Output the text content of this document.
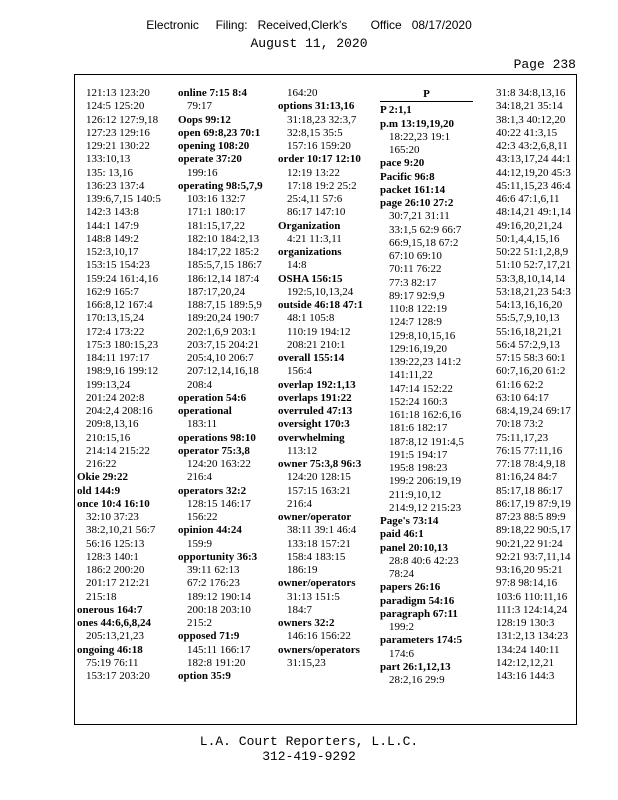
Electronic     Filing:   Received,Clerk's       Office   08/17/2020
August 11, 2020
Page 238
121:13 123:20
124:5 125:20
126:12 127:9,18
127:23 129:16
129:21 130:22
133:10,13
135: 13,16
136:23 137:4
139:6,7,15 140:5
142:3 143:8
144:1 147:9
148:8 149:2
152:3,10,17
153:15 154:23
159:24 161:4,16
162:9 165:7
166:8,12 167:4
170:13,15,24
172:4 173:22
175:3 180:15,23
184:11 197:17
198:9,16 199:12
199:13,24
201:24 202:8
204:2,4 208:16
209:8,13,16
210:15,16
214:14 215:22
216:22
Okie 29:22
old 144:9
once 10:4 16:10
32:10 37:23
38:2,10,21 56:7
56:16 125:13
128:3 140:1
186:2 200:20
201:17 212:21
215:18
onerous 164:7
ones 44:6,6,8,24
205:13,21,23
ongoing 46:18
75:19 76:11
153:17 203:20
online 7:15 8:4
79:17
Oops 99:12
open 69:8,23 70:1
opening 108:20
operate 37:20
199:16
operating 98:5,7,9
103:16 132:7
171:1 180:17
181:15,17,22
182:10 184:2,13
184:17,22 185:2
185:5,7,15 186:7
186:12,14 187:4
187:17,20,24
188:7,15 189:5,9
189:20,24 190:7
202:1,6,9 203:1
203:7,15 204:21
205:4,10 206:7
207:12,14,16,18
208:4
operation 54:6
operational
183:11
operations 98:10
operator 75:3,8
124:20 163:22
216:4
operators 32:2
128:15 146:17
156:22
opinion 44:24
159:9
opportunity 36:3
39:11 62:13
67:2 176:23
189:12 190:14
200:18 203:10
215:2
opposed 71:9
145:11 166:17
182:8 191:20
option 35:9
164:20
options 31:13,16
31:18,23 32:3,7
32:8,15 35:5
157:16 159:20
order 10:17 12:10
12:19 13:22
17:18 19:2 25:2
25:4,11 57:6
86:17 147:10
Organization
4:21 11:3,11
organizations
14:8
OSHA 156:15
192:5,10,13,24
outside 46:18 47:1
48:1 105:8
110:19 194:12
208:21 210:1
overall 155:14
156:4
overlap 192:1,13
overlaps 191:22
overruled 47:13
oversight 170:3
overwhelming
113:12
owner 75:3,8 96:3
124:20 128:15
157:15 163:21
216:4
owner/operator
38:11 39:1 46:4
133:18 157:21
158:4 183:15
186:19
owner/operators
31:13 151:5
184:7
owners 32:2
146:16 156:22
owners/operators
31:15,23
P
P 2:1,1
p.m 13:19,19,20
18:22,23 19:1
165:20
pace 9:20
Pacific 96:8
packet 161:14
page 26:10 27:2
30:7,21 31:11
33:1,5 62:9 66:7
66:9,15,18 67:2
67:10 69:10
70:11 76:22
77:3 82:17
89:17 92:9,9
110:8 122:19
124:7 128:9
129:8,10,15,16
129:16,19,20
139:22,23 141:2
141:11,22
147:14 152:22
152:24 160:3
161:18 162:6,16
181:6 182:17
187:8,12 191:4,5
191:5 194:17
195:8 198:23
199:2 206:19,19
211:9,10,12
214:9,12 215:23
Page's 73:14
paid 46:1
panel 20:10,13
28:8 40:6 42:23
78:24
papers 26:16
paradigm 54:16
paragraph 67:11
199:2
parameters 174:5
174:6
part 26:1,12,13
28:2,16 29:9
31:8 34:8,13,16
34:18,21 35:14
38:1,3 40:12,20
40:22 41:3,15
42:3 43:2,6,8,11
43:13,17,24 44:1
44:12,19,20 45:3
45:11,15,23 46:4
46:6 47:1,6,11
48:14,21 49:1,14
49:16,20,21,24
50:1,4,4,15,16
50:22 51:1,2,8,9
51:10 52:7,17,21
53:3,8,10,14,14
53:18,21,23 54:3
54:13,16,16,20
55:5,7,9,10,13
55:16,18,21,21
56:4 57:2,9,13
57:15 58:3 60:1
60:7,16,20 61:2
61:16 62:2
63:10 64:17
68:4,19,24 69:17
70:18 73:2
75:11,17,23
76:15 77:11,16
77:18 78:4,9,18
81:16,24 84:7
85:17,18 86:17
86:17,19 87:9,19
87:23 88:5 89:9
89:18,22 90:5,17
90:21,22 91:24
92:21 93:7,11,14
93:16,20 95:21
97:8 98:14,16
103:6 110:11,16
111:3 124:14,24
128:19 130:3
131:2,13 134:23
134:24 140:11
142:12,12,21
143:16 144:3
L.A. Court Reporters, L.L.C.
312-419-9292
